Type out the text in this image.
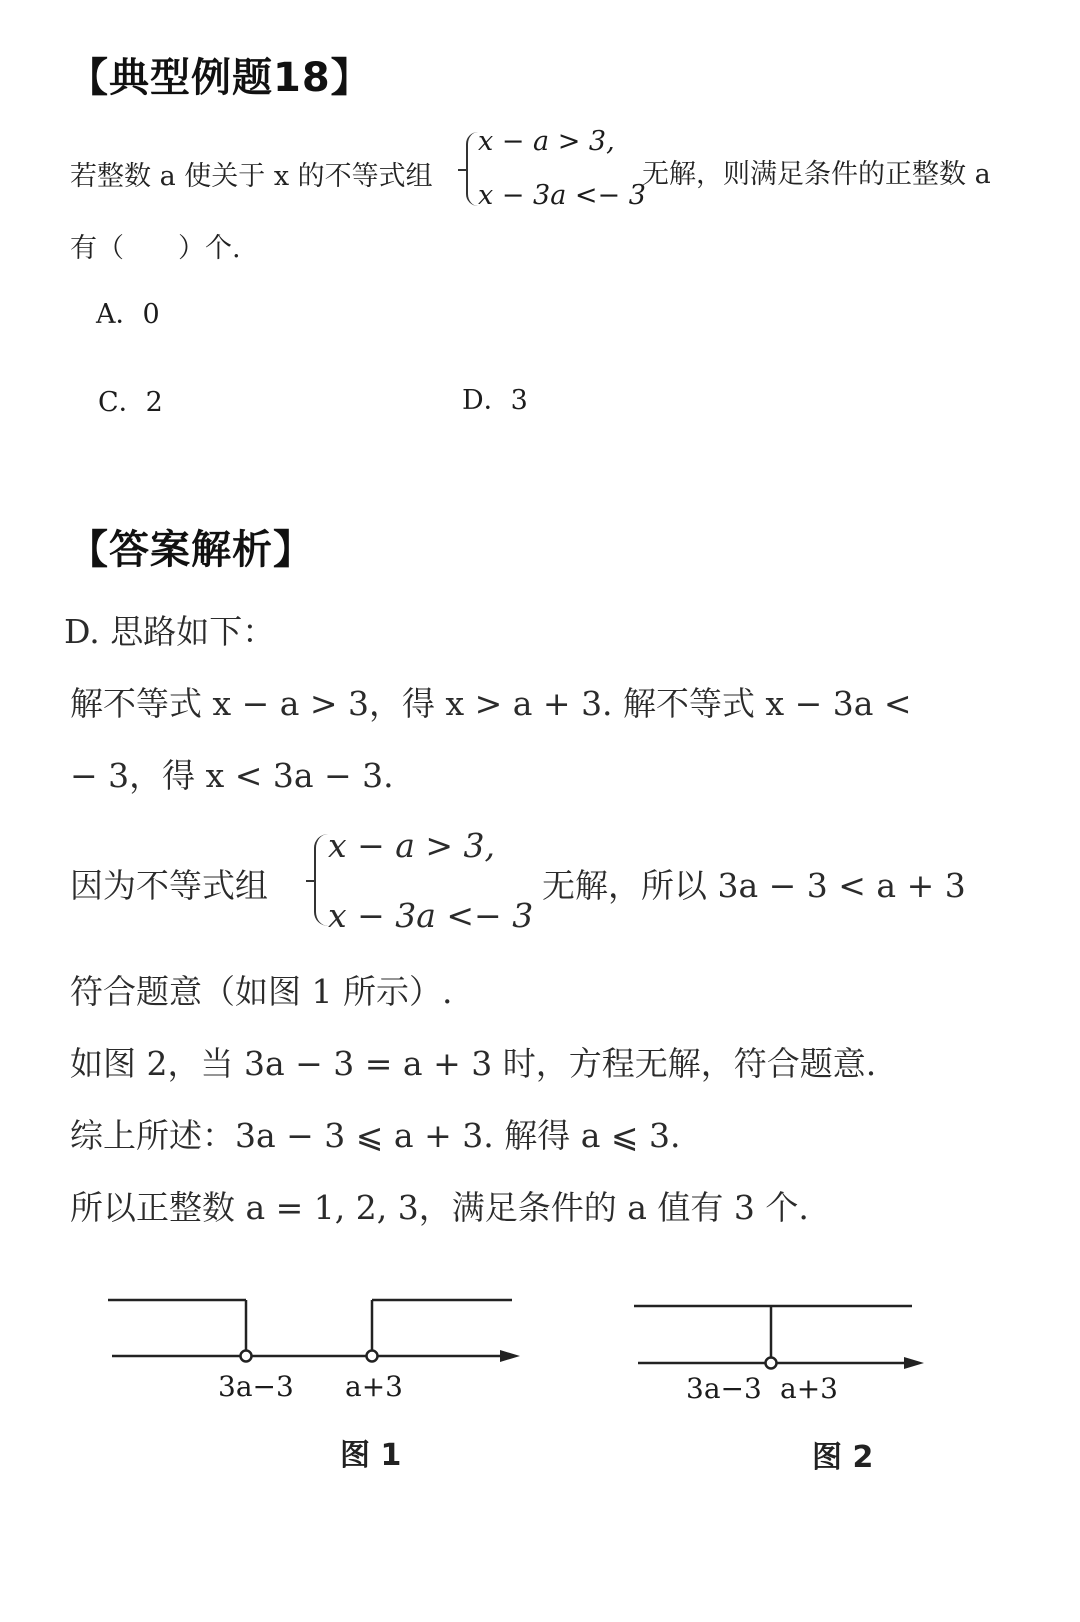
【典型例题18】
若整数 a 使关于 x 的不等式组
x − a > 3,
x − 3a <− 3
无解，则满足条件的正整数 a
有（　　）个.
A．0
C．2	D．3
【答案解析】
D. 思路如下：
解不等式 x − a > 3，得 x > a + 3. 解不等式 x − 3a <
− 3，得 x < 3a − 3.
因为不等式组
x − a > 3,
x − 3a <− 3
无解，所以 3a − 3 < a + 3
符合题意（如图 1 所示）.
如图 2，当 3a − 3 = a + 3 时，方程无解，符合题意.
综上所述：3a − 3 ⩽ a + 3. 解得 a ⩽ 3.
所以正整数 a = 1, 2, 3，满足条件的 a 值有 3 个.
3a−3 a+3
图 1
3a−3 a+3
图 2
